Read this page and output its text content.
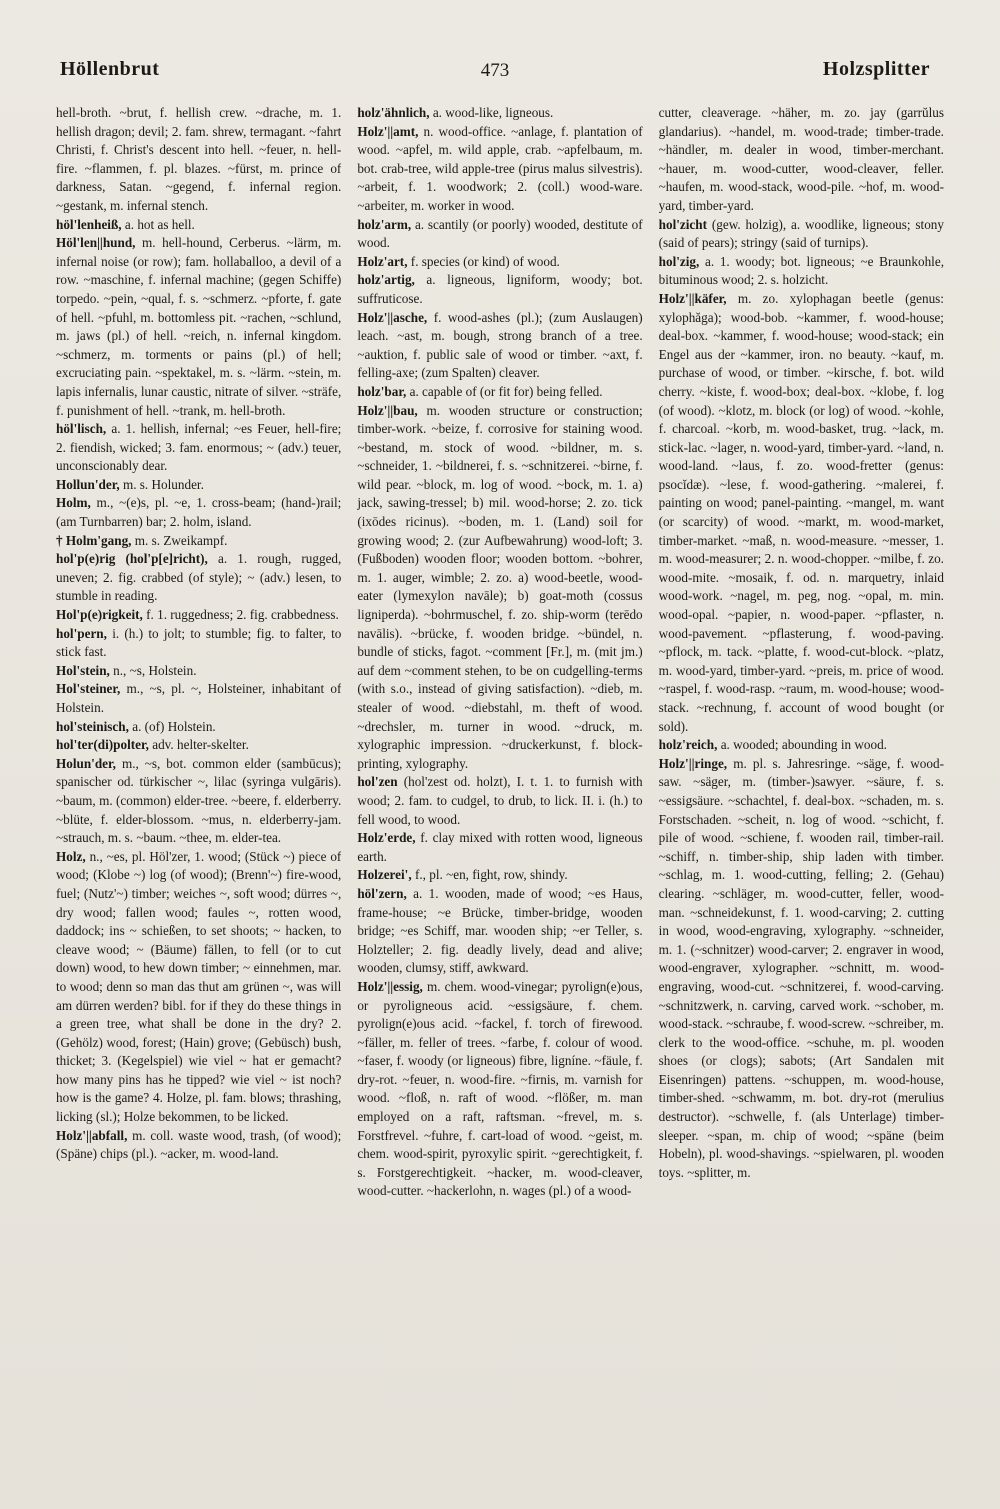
Höllenbrut	473	Holzsplitter

hell-broth. ~brut, f. hellish crew. ~drache, m. 1. hellish dragon; devil; 2. fam. shrew, termagant. ~fahrt Christi, f. Christ's descent into hell. ~feuer, n. hell-fire. ~flammen, f. pl. blazes. ~fürst, m. prince of darkness, Satan. ~gegend, f. infernal region. ~gestank, m. infernal stench.

höl'lenheiß, a. hot as hell.

Höl'len||hund, m. hell-hound, Cerberus. ~lärm, m. infernal noise (or row); fam. hollaballoo, a devil of a row. ~maschine, f. infernal machine; (gegen Schiffe) torpedo. ~pein, ~qual, f. s. ~schmerz. ~pforte, f. gate of hell. ~pfuhl, m. bottomless pit. ~rachen, ~schlund, m. jaws (pl.) of hell. ~reich, n. infernal kingdom. ~schmerz, m. torments or pains (pl.) of hell; excruciating pain. ~spektakel, m. s. ~lärm. ~stein, m. lapis infernalis, lunar caustic, nitrate of silver. ~sträfe, f. punishment of hell. ~trank, m. hell-broth.

höl'lisch, a. 1. hellish, infernal; ~es Feuer, hell-fire; 2. fiendish, wicked; 3. fam. enormous; ~ (adv.) teuer, unconscionably dear.

Hollun'der, m. s. Holunder.

Holm, m., ~(e)s, pl. ~e, 1. cross-beam; (hand-)rail; (am Turnbarren) bar; 2. holm, island.

† Holm'gang, m. s. Zweikampf.

hol'p(e)rig (hol'p[e]richt), a. 1. rough, rugged, uneven; 2. fig. crabbed (of style); ~ (adv.) lesen, to stumble in reading.

Hol'p(e)rigkeit, f. 1. ruggedness; 2. fig. crabbedness.

hol'pern, i. (h.) to jolt; to stumble; fig. to falter, to stick fast.

Hol'stein, n., ~s, Holstein.

Hol'steiner, m., ~s, pl. ~, Holsteiner, inhabitant of Holstein.

hol'steinisch, a. (of) Holstein.

hol'ter(di)polter, adv. helter-skelter.

Holun'der, m., ~s, bot. common elder (sambūcus); spanischer od. türkischer ~, lilac (syringa vulgāris). ~baum, m. (common) elder-tree. ~beere, f. elderberry. ~blüte, f. elder-blossom. ~mus, n. elderberry-jam. ~strauch, m. s. ~baum. ~thee, m. elder-tea.

Holz, n., ~es, pl. Höl'zer, 1. wood; (Stück ~) piece of wood; (Klobe ~) log (of wood); (Brenn'~) fire-wood, fuel; (Nutz'~) timber; weiches ~, soft wood; dürres ~, dry wood; fallen wood; faules ~, rotten wood, daddock; ins ~ schießen, to set shoots; ~ hacken, to cleave wood; ~ (Bäume) fällen, to fell (or to cut down) wood, to hew down timber; ~ einnehmen, mar. to wood; denn so man das thut am grünen ~, was will am dürren werden? bibl. for if they do these things in a green tree, what shall be done in the dry? 2. (Gehölz) wood, forest; (Hain) grove; (Gebüsch) bush, thicket; 3. (Kegelspiel) wie viel ~ hat er gemacht? how many pins has he tipped? wie viel ~ ist noch? how is the game? 4. Holze, pl. fam. blows; thrashing, licking (sl.); Holze bekommen, to be licked.

Holz'||abfall, m. coll. waste wood, trash, (of wood); (Späne) chips (pl.). ~acker, m. wood-land.

holz'ähnlich, a. wood-like, ligneous.

Holz'||amt, n. wood-office. ~anlage, f. plantation of wood. ~apfel, m. wild apple, crab. ~apfelbaum, m. bot. crab-tree, wild apple-tree (pirus malus silvestris). ~arbeit, f. 1. woodwork; 2. (coll.) wood-ware. ~arbeiter, m. worker in wood.

holz'arm, a. scantily (or poorly) wooded, destitute of wood.

Holz'art, f. species (or kind) of wood.

holz'artig, a. ligneous, ligniform, woody; bot. suffruticose.

Holz'||asche, f. wood-ashes (pl.); (zum Auslaugen) leach. ~ast, m. bough, strong branch of a tree. ~auktion, f. public sale of wood or timber. ~axt, f. felling-axe; (zum Spalten) cleaver.

holz'bar, a. capable of (or fit for) being felled.

Holz'||bau, m. wooden structure or construction; timber-work. ~beize, f. corrosive for staining wood. ~bestand, m. stock of wood. ~bildner, m. s. ~schneider, 1. ~bildnerei, f. s. ~schnitzerei. ~birne, f. wild pear. ~block, m. log of wood. ~bock, m. 1. a) jack, sawing-tressel; b) mil. wood-horse; 2. zo. tick (ixōdes ricinus). ~boden, m. 1. (Land) soil for growing wood; 2. (zur Aufbewahrung) wood-loft; 3. (Fußboden) wooden floor; wooden bottom. ~bohrer, m. 1. auger, wimble; 2. zo. a) wood-beetle, wood-eater (lymexylon navāle); b) goat-moth (cossus ligniperda). ~bohrmuschel, f. zo. ship-worm (terēdo navālis). ~brücke, f. wooden bridge. ~bündel, n. bundle of sticks, fagot. ~comment [Fr.], m. (mit jm.) auf dem ~comment stehen, to be on cudgelling-terms (with s.o., instead of giving satisfaction). ~dieb, m. stealer of wood. ~diebstahl, m. theft of wood. ~drechsler, m. turner in wood. ~druck, m. xylographic impression. ~druckerkunst, f. block-printing, xylography.

hol'zen (hol'zest od. holzt), I. t. 1. to furnish with wood; 2. fam. to cudgel, to drub, to lick. II. i. (h.) to fell wood, to wood.

Holz'erde, f. clay mixed with rotten wood, ligneous earth.

Holzerei', f., pl. ~en, fight, row, shindy.

höl'zern, a. 1. wooden, made of wood; ~es Haus, frame-house; ~e Brücke, timber-bridge, wooden bridge; ~es Schiff, mar. wooden ship; ~er Teller, s. Holzteller; 2. fig. deadly lively, dead and alive; wooden, clumsy, stiff, awkward.

Holz'||essig, m. chem. wood-vinegar; pyrolign(e)ous, or pyroligneous acid. ~essigsäure, f. chem. pyrolign(e)ous acid. ~fackel, f. torch of firewood. ~fäller, m. feller of trees. ~farbe, f. colour of wood. ~faser, f. woody (or ligneous) fibre, ligníne. ~fäule, f. dry-rot. ~feuer, n. wood-fire. ~firnis, m. varnish for wood. ~floß, n. raft of wood. ~flößer, m. man employed on a raft, raftsman. ~frevel, m. s. Forstfrevel. ~fuhre, f. cart-load of wood. ~geist, m. chem. wood-spirit, pyroxylic spirit. ~gerechtigkeit, f. s. Forstgerechtigkeit. ~hacker, m. wood-cleaver, wood-cutter. ~hackerlohn, n. wages (pl.) of a wood-

cutter, cleaverage. ~häher, m. zo. jay (garrŭlus glandarius). ~handel, m. wood-trade; timber-trade. ~händler, m. dealer in wood, timber-merchant. ~hauer, m. wood-cutter, wood-cleaver, feller. ~haufen, m. wood-stack, wood-pile. ~hof, m. wood-yard, timber-yard.

hol'zicht (gew. holzig), a. woodlike, ligneous; stony (said of pears); stringy (said of turnips).

hol'zig, a. 1. woody; bot. ligneous; ~e Braunkohle, bituminous wood; 2. s. holzicht.

Holz'||käfer, m. zo. xylophagan beetle (genus: xylophăga); wood-bob. ~kammer, f. wood-house; deal-box. ~kammer, f. wood-house; wood-stack; ein Engel aus der ~kammer, iron. no beauty. ~kauf, m. purchase of wood, or timber. ~kirsche, f. bot. wild cherry. ~kiste, f. wood-box; deal-box. ~klobe, f. log (of wood). ~klotz, m. block (or log) of wood. ~kohle, f. charcoal. ~korb, m. wood-basket, trug. ~lack, m. stick-lac. ~lager, n. wood-yard, timber-yard. ~land, n. wood-land. ~laus, f. zo. wood-fretter (genus: psocĭdæ). ~lese, f. wood-gathering. ~malerei, f. painting on wood; panel-painting. ~mangel, m. want (or scarcity) of wood. ~markt, m. wood-market, timber-market. ~maß, n. wood-measure. ~messer, 1. m. wood-measurer; 2. n. wood-chopper. ~milbe, f. zo. wood-mite. ~mosaik, f. od. n. marquetry, inlaid wood-work. ~nagel, m. peg, nog. ~opal, m. min. wood-opal. ~papier, n. wood-paper. ~pflaster, n. wood-pavement. ~pflasterung, f. wood-paving. ~pflock, m. tack. ~platte, f. wood-cut-block. ~platz, m. wood-yard, timber-yard. ~preis, m. price of wood. ~raspel, f. wood-rasp. ~raum, m. wood-house; wood-stack. ~rechnung, f. account of wood bought (or sold).

holz'reich, a. wooded; abounding in wood.

Holz'||ringe, m. pl. s. Jahresringe. ~säge, f. wood-saw. ~säger, m. (timber-)sawyer. ~säure, f. s. ~essigsäure. ~schachtel, f. deal-box. ~schaden, m. s. Forstschaden. ~scheit, n. log of wood. ~schicht, f. pile of wood. ~schiene, f. wooden rail, timber-rail. ~schiff, n. timber-ship, ship laden with timber. ~schlag, m. 1. wood-cutting, felling; 2. (Gehau) clearing. ~schläger, m. wood-cutter, feller, wood-man. ~schneidekunst, f. 1. wood-carving; 2. cutting in wood, wood-engraving, xylography. ~schneider, m. 1. (~schnitzer) wood-carver; 2. engraver in wood, wood-engraver, xylographer. ~schnitt, m. wood-engraving, wood-cut. ~schnitzerei, f. wood-carving. ~schnitzwerk, n. carving, carved work. ~schober, m. wood-stack. ~schraube, f. wood-screw. ~schreiber, m. clerk to the wood-office. ~schuhe, m. pl. wooden shoes (or clogs); sabots; (Art Sandalen mit Eisenringen) pattens. ~schuppen, m. wood-house, timber-shed. ~schwamm, m. bot. dry-rot (merulius destructor). ~schwelle, f. (als Unterlage) timber-sleeper. ~span, m. chip of wood; ~späne (beim Hobeln), pl. wood-shavings. ~spielwaren, pl. wooden toys. ~splitter, m.
